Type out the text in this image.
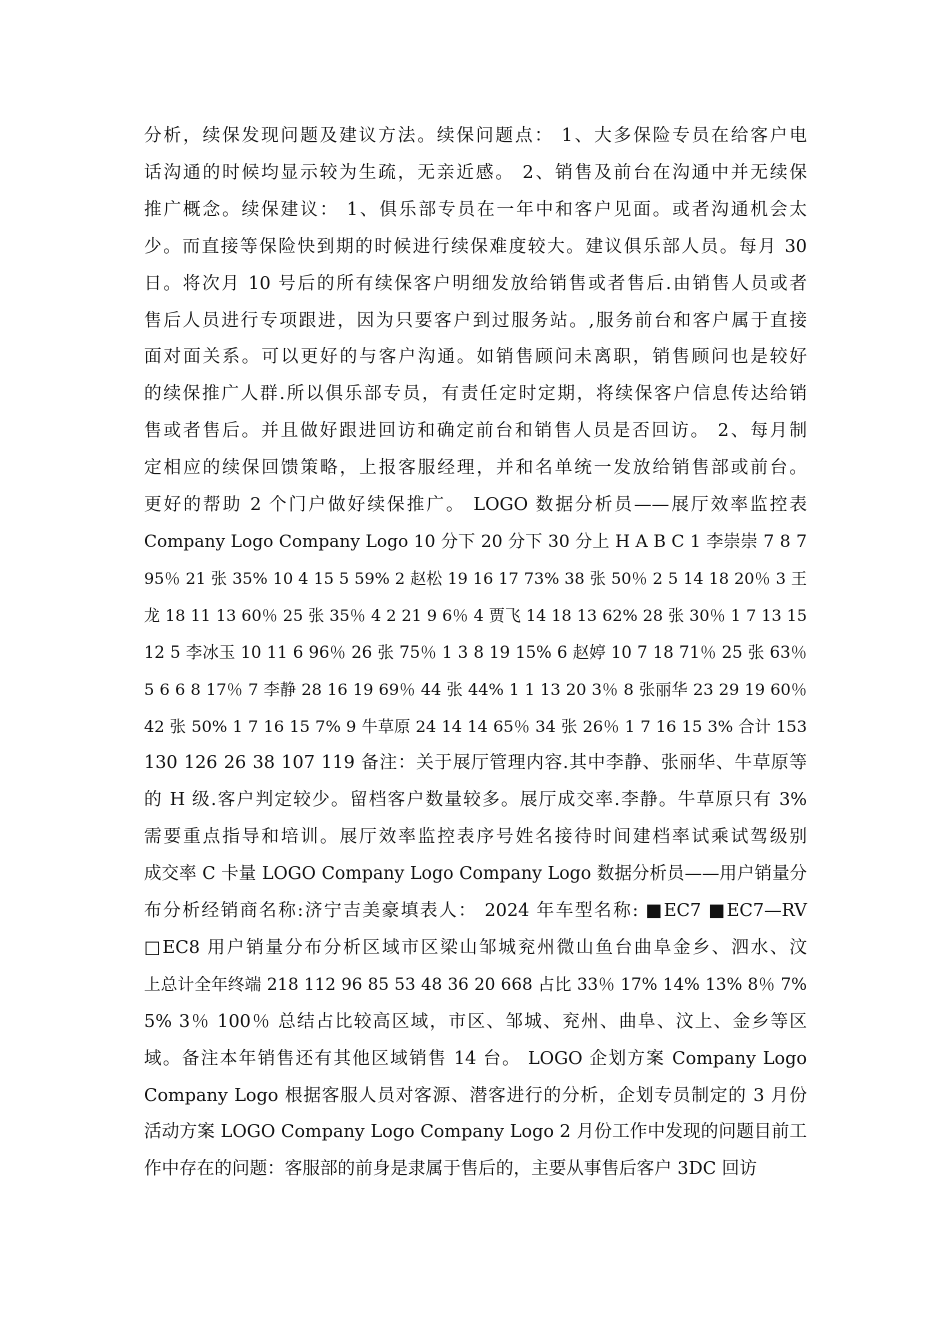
分析，续保发现问题及建议方法。续保问题点： 1、大多保险专员在给客户电
话沟通的时候均显示较为生疏，无亲近感。 2、销售及前台在沟通中并无续保
推广概念。续保建议： 1、俱乐部专员在一年中和客户见面。或者沟通机会太
少。而直接等保险快到期的时候进行续保难度较大。建议俱乐部人员。每月 30
日。将次月 10 号后的所有续保客户明细发放给销售或者售后.由销售人员或者
售后人员进行专项跟进，因为只要客户到过服务站。,服务前台和客户属于直接
面对面关系。可以更好的与客户沟通。如销售顾问未离职，销售顾问也是较好
的续保推广人群.所以俱乐部专员，有责任定时定期，将续保客户信息传达给销
售或者售后。并且做好跟进回访和确定前台和销售人员是否回访。 2、每月制
定相应的续保回馈策略，上报客服经理，并和名单统一发放给销售部或前台。
更好的帮助 2 个门户做好续保推广。 LOGO 数据分析员——展厅效率监控表
Company Logo Company Logo 10 分下 20 分下 30 分上 H A B C 1 李崇崇 7 8 7
95％ 21 张 35% 10 4 15 5 59% 2 赵松 19 16 17 73% 38 张 50％ 2 5 14 18 20％ 3 王
龙 18 11 13 60％ 25 张 35％ 4 2 21 9 6％ 4 贾飞 14 18 13 62% 28 张 30％ 1 7 13 15
12 5 李冰玉 10 11 6 96％ 26 张 75％ 1 3 8 19 15% 6 赵婷 10 7 18 71％ 25 张 63％
5 6 6 8 17％ 7 李静 28 16 19 69％ 44 张 44% 1 1 13 20 3％ 8 张丽华 23 29 19 60％
42 张 50% 1 7 16 15 7% 9 牛草原 24 14 14 65％ 34 张 26％ 1 7 16 15 3% 合计 153
130 126 26 38 107 119 备注：关于展厅管理内容.其中李静、张丽华、牛草原等
的 H 级.客户判定较少。留档客户数量较多。展厅成交率.李静。牛草原只有 3%
需要重点指导和培训。展厅效率监控表序号姓名接待时间建档率试乘试驾级别
成交率 C 卡量 LOGO Company Logo Company Logo 数据分析员——用户销量分
布分析经销商名称:济宁吉美豪填表人： 2024 年车型名称: ■EC7 ■EC7—RV
□EC8 用户销量分布分析区域市区梁山邹城兖州微山鱼台曲阜金乡、泗水、汶
上总计全年终端 218 112 96 85 53 48 36 20 668 占比 33％ 17% 14% 13% 8％ 7%
5% 3％ 100％ 总结占比较高区域，市区、邹城、兖州、曲阜、汶上、金乡等区
域。备注本年销售还有其他区域销售 14 台。 LOGO 企划方案 Company Logo
Company Logo 根据客服人员对客源、潜客进行的分析，企划专员制定的 3 月份
活动方案 LOGO Company Logo Company Logo 2 月份工作中发现的问题目前工
作中存在的问题：客服部的前身是隶属于售后的，主要从事售后客户 3DC 回访
